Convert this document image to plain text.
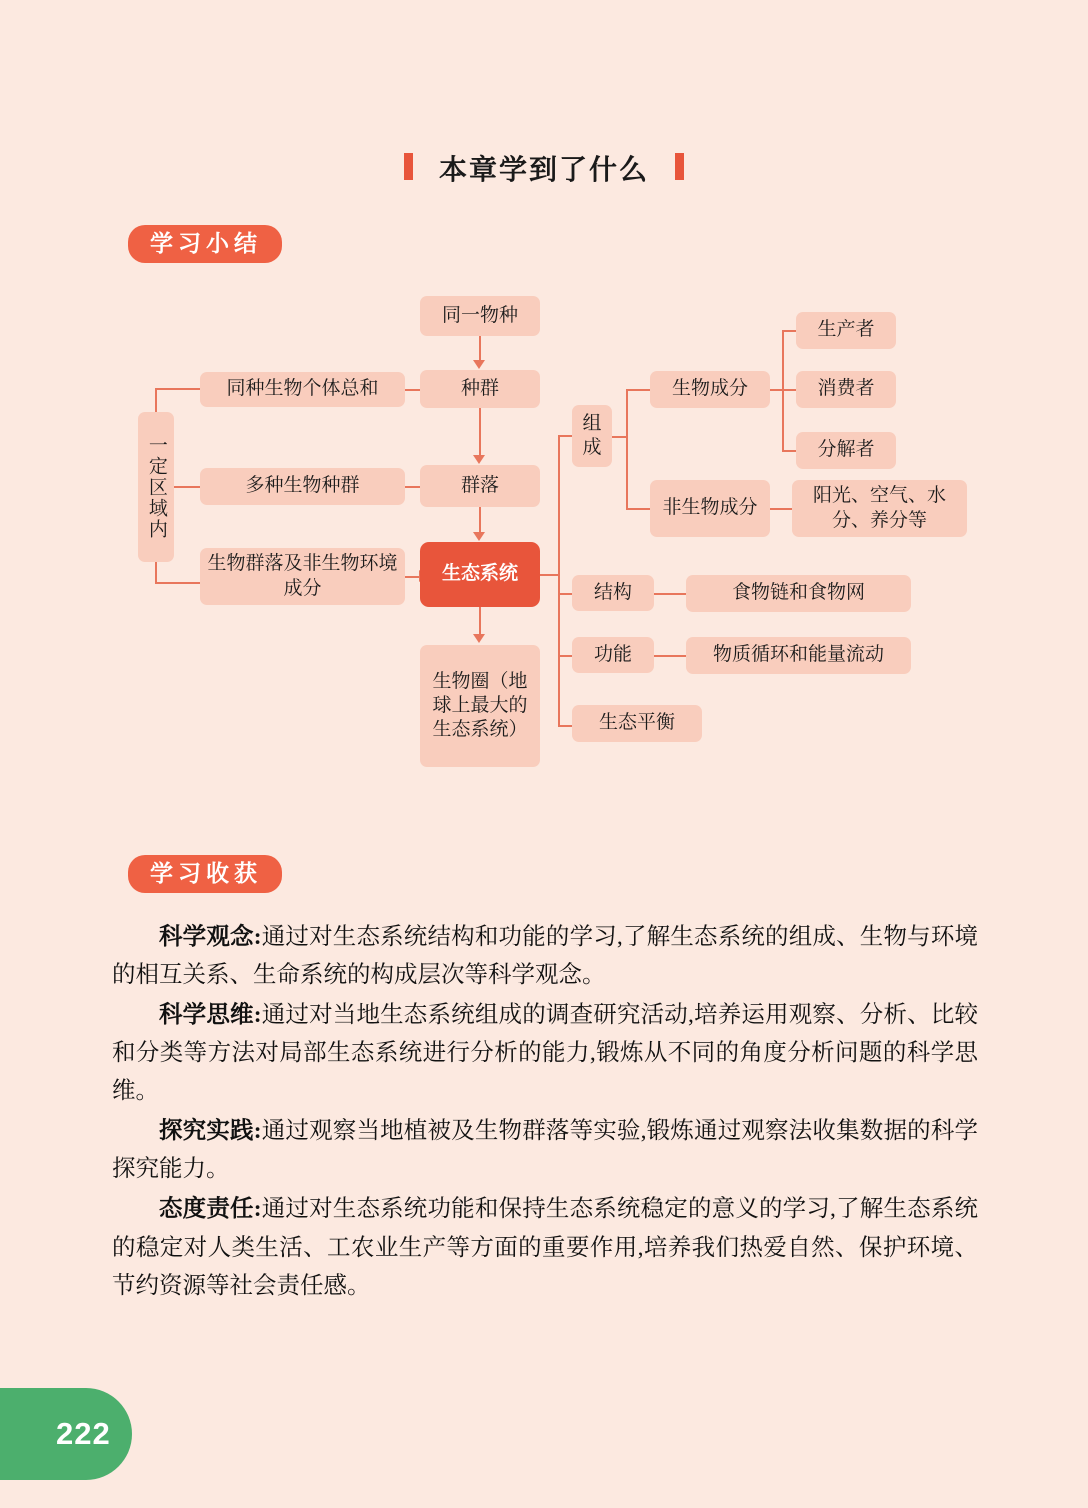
本章学到了什么
学习小结
学习收获
一定区域内
同种生物个体总和
多种生物种群
生物群落及非生物环境成分
同一物种
种群
群落
生态系统
生物圈（地球上最大的生态系统）
组成
结构
功能
生态平衡
食物链和食物网
物质循环和能量流动
生物成分
非生物成分
生产者
消费者
分解者
阳光、空气、水分、养分等

科学观念:通过对生态系统结构和功能的学习,了解生态系统的组成、生物与环境的相互关系、生命系统的构成层次等科学观念。

科学思维:通过对当地生态系统组成的调查研究活动,培养运用观察、分析、比较和分类等方法对局部生态系统进行分析的能力,锻炼从不同的角度分析问题的科学思维。

探究实践:通过观察当地植被及生物群落等实验,锻炼通过观察法收集数据的科学探究能力。

态度责任:通过对生态系统功能和保持生态系统稳定的意义的学习,了解生态系统的稳定对人类生活、工农业生产等方面的重要作用,培养我们热爱自然、保护环境、节约资源等社会责任感。

222
